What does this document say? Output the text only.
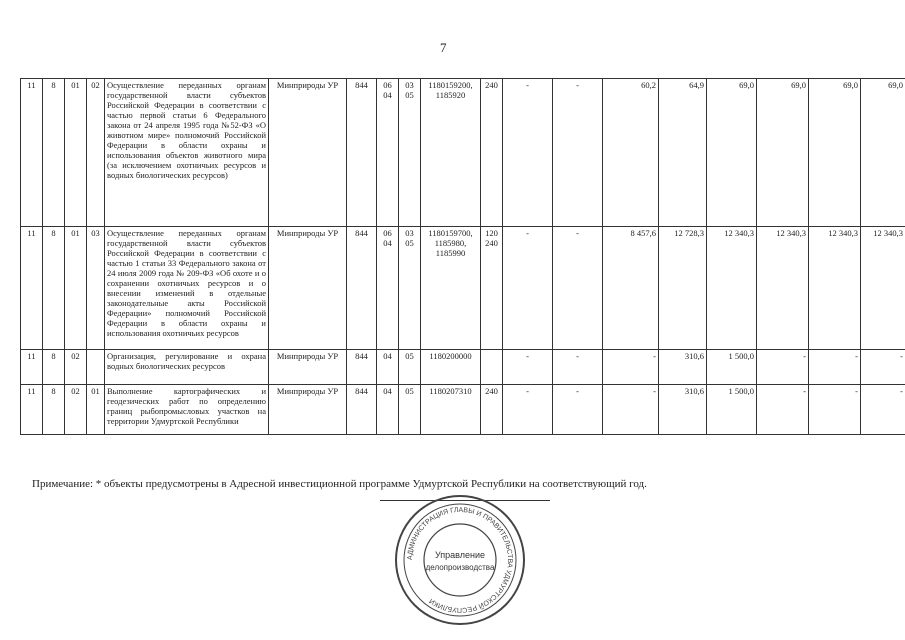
7
11	8	01	02	Осуществление переданных органам государственной власти субъектов Российской Федерации в соответствии с частью первой статьи 6 Федерального закона от 24 апреля 1995 года №52-ФЗ «О животном мире» полномочий Российской Федерации в области охраны и использования объектов животного мира (за исключением охотничьих ресурсов и водных биологических ресурсов)	Минприроды УР	844	06 04	03 05	1180159200, 1185920	240	-	-	60,2	64,9	69,0	69,0	69,0	69,0
11	8	01	03	Осуществление переданных органам государственной власти субъектов Российской Федерации в соответствии с частью 1 статьи 33 Федерального закона от 24 июля 2009 года № 209-ФЗ «Об охоте и о сохранении охотничьих ресурсов и о внесении изменений в отдельные законодательные акты Российской Федерации» полномочий Российской Федерации в области охраны и использования охотничьих ресурсов	Минприроды УР	844	06 04	03 05	1180159700, 1185980, 1185990	120 240	-	-	8 457,6	12 728,3	12 340,3	12 340,3	12 340,3	12 340,3
11	8	02		Организация, регулирование и охрана водных биологических ресурсов	Минприроды УР	844	04	05	1180200000		-	-	-	310,6	1 500,0	-	-	-
11	8	02	01	Выполнение картографических и геодезических работ по определению границ рыбопромысловых участков на территории Удмуртской Республики	Минприроды УР	844	04	05	1180207310	240	-	-	-	310,6	1 500,0	-	-	-
Примечание: * объекты предусмотрены в Адресной инвестиционной программе Удмуртской Республики на соответствующий год.
АДМИНИСТРАЦИЯ ГЛАВЫ И ПРАВИТЕЛЬСТВА УДМУРТСКОЙ РЕСПУБЛИКИ
Управление
делопроизводства
